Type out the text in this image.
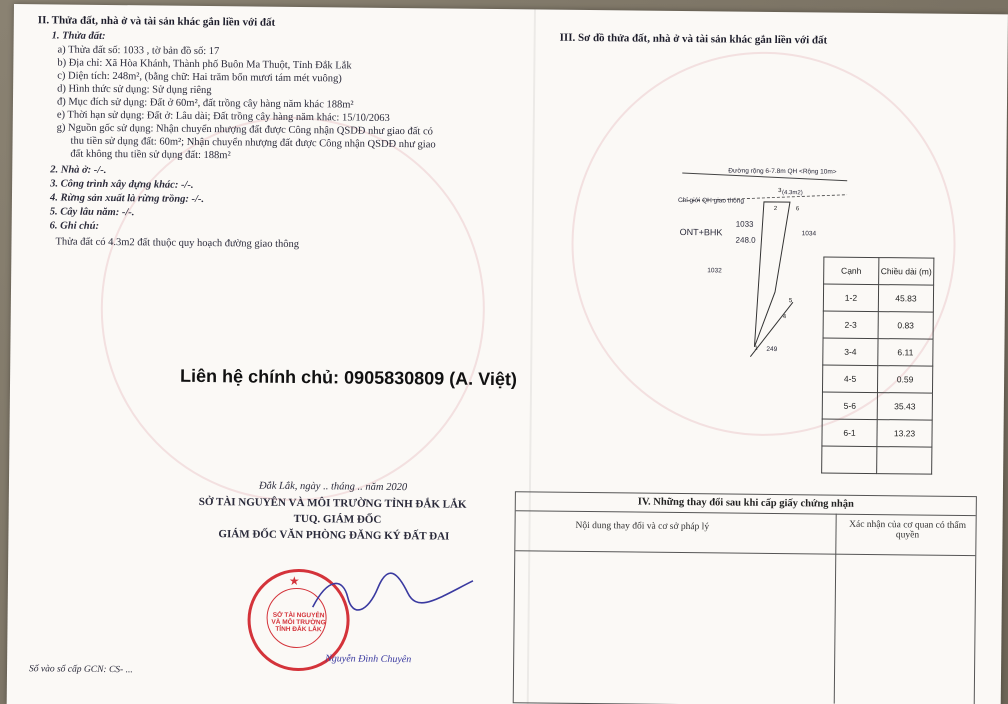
II. Thửa đất, nhà ở và tài sản khác gắn liền với đất
1. Thửa đất:
a) Thửa đất số: 1033 , tờ bản đồ số: 17
b) Địa chỉ: Xã Hòa Khánh, Thành phố Buôn Ma Thuột, Tỉnh Đắk Lắk
c) Diện tích: 248m², (bằng chữ: Hai trăm bốn mươi tám mét vuông)
d) Hình thức sử dụng: Sử dụng riêng
đ) Mục đích sử dụng: Đất ở 60m², đất trồng cây hàng năm khác 188m²
e) Thời hạn sử dụng: Đất ở: Lâu dài; Đất trồng cây hàng năm khác: 15/10/2063
g) Nguồn gốc sử dụng: Nhận chuyển nhượng đất được Công nhận QSDĐ như giao đất có
thu tiền sử dụng đất: 60m²; Nhận chuyển nhượng đất được Công nhận QSDĐ như giao
đất không thu tiền sử dụng đất: 188m²
2. Nhà ở: -/-.
3. Công trình xây dựng khác: -/-.
4. Rừng sản xuất là rừng trồng: -/-.
5. Cây lâu năm: -/-.
6. Ghi chú:
Thửa đất có 4.3m2 đất thuộc quy hoạch đường giao thông
Liên hệ chính chủ: 0905830809 (A. Việt)
Đắk Lắk, ngày .. tháng .. năm 2020
SỞ TÀI NGUYÊN VÀ MÔI TRƯỜNG TỈNH ĐẮK LẮK
TUQ. GIÁM ĐỐC
GIÁM ĐỐC VĂN PHÒNG ĐĂNG KÝ ĐẤT ĐAI
★
SỞ TÀI NGUYÊN VÀ MÔI TRƯỜNG TỈNH ĐẮK LẮK
Nguyễn Đình Chuyên
Số vào sổ cấp GCN: CS- ...
III. Sơ đồ thửa đất, nhà ở và tài sản khác gắn liền với đất
1
2
3
4
5
6
Đường rộng 6-7.8m QH <Rộng 10m>
Chỉ giới QH giao thông
(4.3m2)
ONT+BHK
1033
248.0
1034
1032
249
Cạnh	Chiều dài (m)
1-2	45.83
2-3	0.83
3-4	6.11
4-5	0.59
5-6	35.43
6-1	13.23

IV. Những thay đổi sau khi cấp giấy chứng nhận
Nội dung thay đổi và cơ sở pháp lý	Xác nhận của cơ quan có thẩm quyền
